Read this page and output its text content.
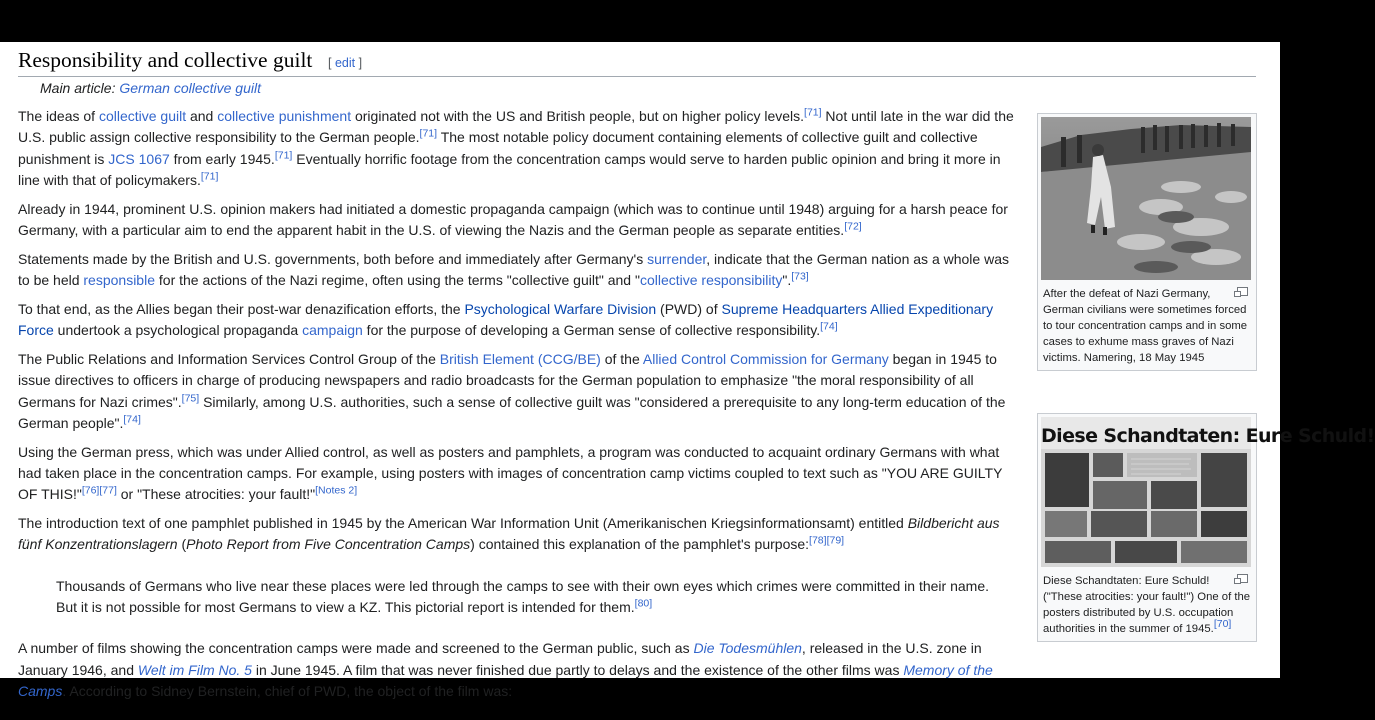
Responsibility and collective guilt [ edit ]
Main article: German collective guilt

The ideas of collective guilt and collective punishment originated not with the US and British people, but on higher policy levels.[71] Not until late in the war did the U.S. public assign collective responsibility to the German people.[71] The most notable policy document containing elements of collective guilt and collective punishment is JCS 1067 from early 1945.[71] Eventually horrific footage from the concentration camps would serve to harden public opinion and bring it more in line with that of policymakers.[71]

Already in 1944, prominent U.S. opinion makers had initiated a domestic propaganda campaign (which was to continue until 1948) arguing for a harsh peace for Germany, with a particular aim to end the apparent habit in the U.S. of viewing the Nazis and the German people as separate entities.[72]

Statements made by the British and U.S. governments, both before and immediately after Germany's surrender, indicate that the German nation as a whole was to be held responsible for the actions of the Nazi regime, often using the terms "collective guilt" and "collective responsibility".[73]

To that end, as the Allies began their post-war denazification efforts, the Psychological Warfare Division (PWD) of Supreme Headquarters Allied Expeditionary Force undertook a psychological propaganda campaign for the purpose of developing a German sense of collective responsibility.[74]

The Public Relations and Information Services Control Group of the British Element (CCG/BE) of the Allied Control Commission for Germany began in 1945 to issue directives to officers in charge of producing newspapers and radio broadcasts for the German population to emphasize "the moral responsibility of all Germans for Nazi crimes".[75] Similarly, among U.S. authorities, such a sense of collective guilt was "considered a prerequisite to any long-term education of the German people".[74]

Using the German press, which was under Allied control, as well as posters and pamphlets, a program was conducted to acquaint ordinary Germans with what had taken place in the concentration camps. For example, using posters with images of concentration camp victims coupled to text such as "YOU ARE GUILTY OF THIS!"[76][77] or "These atrocities: your fault!"[Notes 2]

The introduction text of one pamphlet published in 1945 by the American War Information Unit (Amerikanischen Kriegsinformationsamt) entitled Bildbericht aus fünf Konzentrationslagern (Photo Report from Five Concentration Camps) contained this explanation of the pamphlet's purpose:[78][79]

Thousands of Germans who live near these places were led through the camps to see with their own eyes which crimes were committed in their name. But it is not possible for most Germans to view a KZ. This pictorial report is intended for them.[80]

A number of films showing the concentration camps were made and screened to the German public, such as Die Todesmühlen, released in the U.S. zone in January 1946, and Welt im Film No. 5 in June 1945. A film that was never finished due partly to delays and the existence of the other films was Memory of the Camps. According to Sidney Bernstein, chief of PWD, the object of the film was:

After the defeat of Nazi Germany, German civilians were sometimes forced to tour concentration camps and in some cases to exhume mass graves of Nazi victims. Namering, 18 May 1945
Diese Schandtaten: Eure Schuld!
Diese Schandtaten: Eure Schuld! ("These atrocities: your fault!") One of the posters distributed by U.S. occupation authorities in the summer of 1945.[70]
